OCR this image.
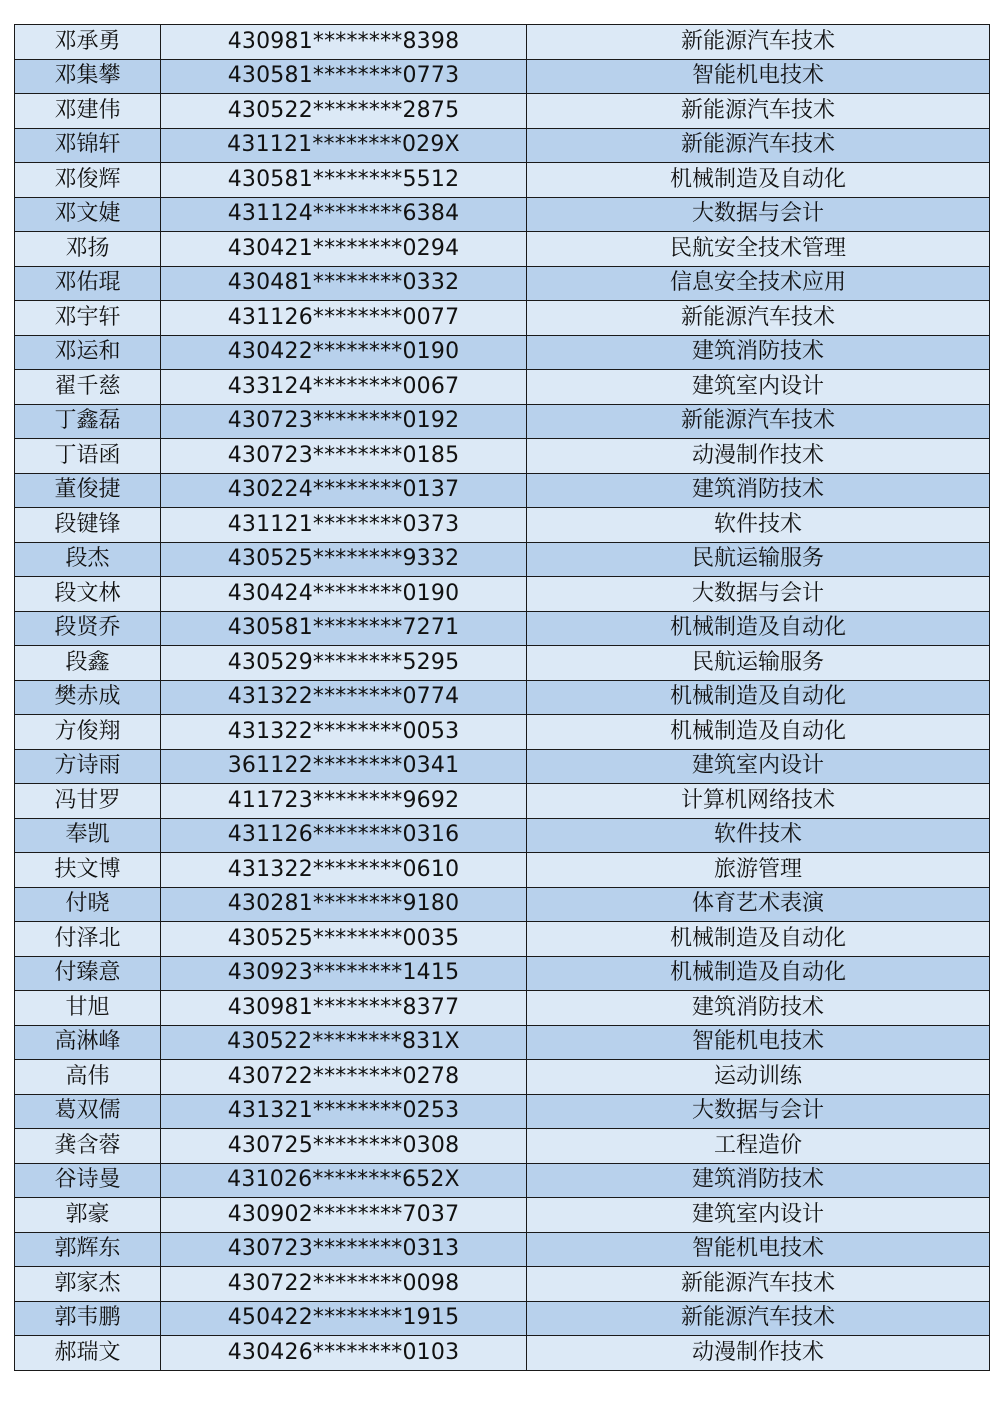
邓承勇	430981********8398	新能源汽车技术
邓集攀	430581********0773	智能机电技术
邓建伟	430522********2875	新能源汽车技术
邓锦轩	431121********029X	新能源汽车技术
邓俊辉	430581********5512	机械制造及自动化
邓文婕	431124********6384	大数据与会计
邓扬	430421********0294	民航安全技术管理
邓佑琨	430481********0332	信息安全技术应用
邓宇轩	431126********0077	新能源汽车技术
邓运和	430422********0190	建筑消防技术
翟千慈	433124********0067	建筑室内设计
丁鑫磊	430723********0192	新能源汽车技术
丁语函	430723********0185	动漫制作技术
董俊捷	430224********0137	建筑消防技术
段键锋	431121********0373	软件技术
段杰	430525********9332	民航运输服务
段文林	430424********0190	大数据与会计
段贤乔	430581********7271	机械制造及自动化
段鑫	430529********5295	民航运输服务
樊赤成	431322********0774	机械制造及自动化
方俊翔	431322********0053	机械制造及自动化
方诗雨	361122********0341	建筑室内设计
冯甘罗	411723********9692	计算机网络技术
奉凯	431126********0316	软件技术
扶文博	431322********0610	旅游管理
付晓	430281********9180	体育艺术表演
付泽北	430525********0035	机械制造及自动化
付臻意	430923********1415	机械制造及自动化
甘旭	430981********8377	建筑消防技术
高淋峰	430522********831X	智能机电技术
高伟	430722********0278	运动训练
葛双儒	431321********0253	大数据与会计
龚含蓉	430725********0308	工程造价
谷诗曼	431026********652X	建筑消防技术
郭豪	430902********7037	建筑室内设计
郭辉东	430723********0313	智能机电技术
郭家杰	430722********0098	新能源汽车技术
郭韦鹏	450422********1915	新能源汽车技术
郝瑞文	430426********0103	动漫制作技术
